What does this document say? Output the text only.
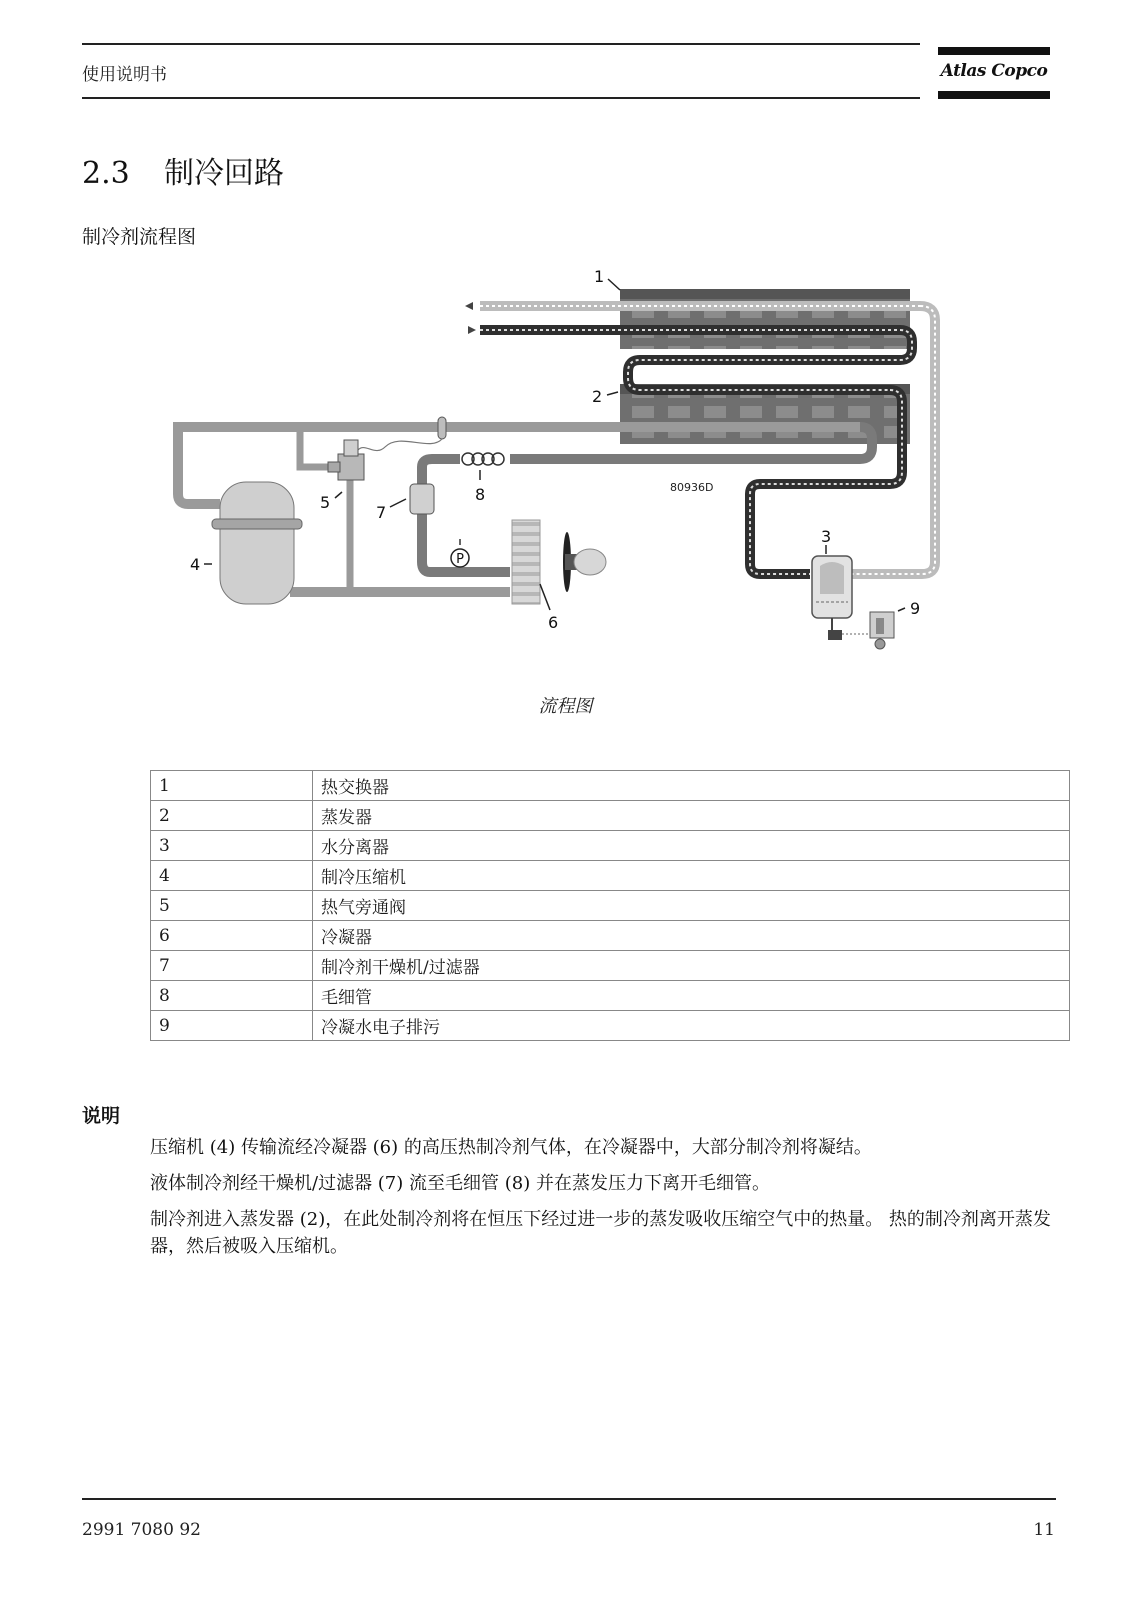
使用说明书	Atlas Copco
2.3 制冷回路
制冷剂流程图
P
80936D
1
2
3
4
5
6
7
8
9
流程图
1	热交换器
2	蒸发器
3	水分离器
4	制冷压缩机
5	热气旁通阀
6	冷凝器
7	制冷剂干燥机/过滤器
8	毛细管
9	冷凝水电子排污
说明
压缩机 (4) 传输流经冷凝器 (6) 的高压热制冷剂气体，在冷凝器中，大部分制冷剂将凝结。
液体制冷剂经干燥机/过滤器 (7) 流至毛细管 (8) 并在蒸发压力下离开毛细管。
制冷剂进入蒸发器 (2)，在此处制冷剂将在恒压下经过进一步的蒸发吸收压缩空气中的热量。 热的制冷剂离开蒸发器，然后被吸入压缩机。
2991 7080 92	11
